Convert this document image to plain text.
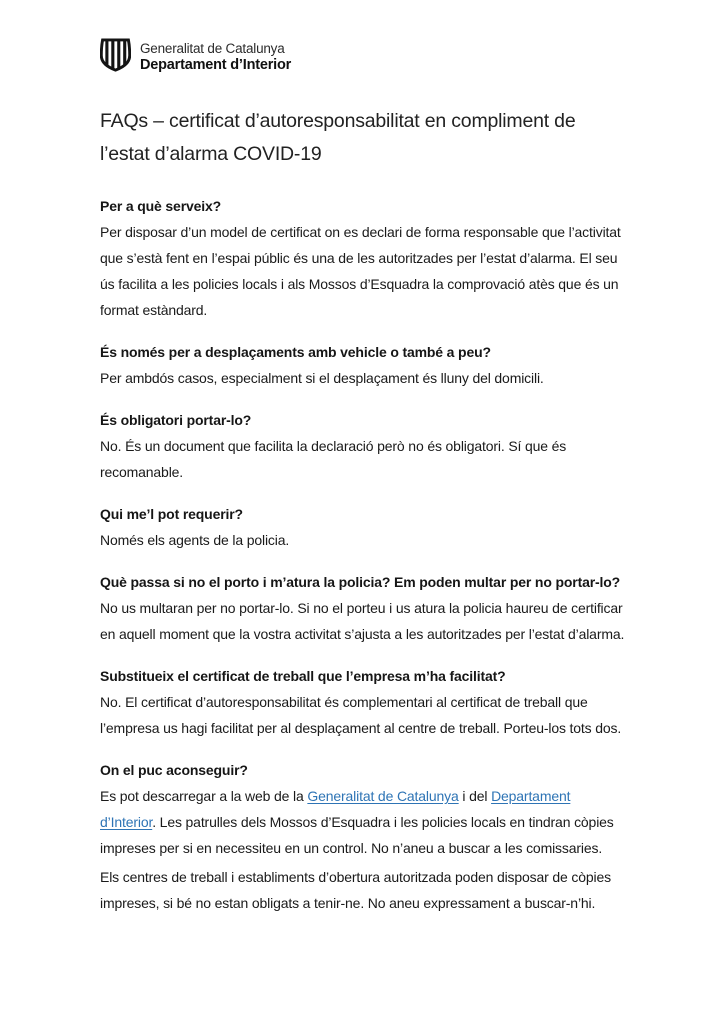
Generalitat de Catalunya
Departament d’Interior
FAQs – certificat d’autoresponsabilitat en compliment de l’estat d’alarma COVID-19
Per a què serveix?

Per disposar d’un model de certificat on es declari de forma responsable que l’activitat que s’està fent en l’espai públic és una de les autoritzades per l’estat d’alarma. El seu ús facilita a les policies locals i als Mossos d’Esquadra la comprovació atès que és un format estàndard.

És només per a desplaçaments amb vehicle o també a peu?

Per ambdós casos, especialment si el desplaçament és lluny del domicili.

És obligatori portar-lo?

No. És un document que facilita la declaració però no és obligatori. Sí que és recomanable.

Qui me’l pot requerir?

Només els agents de la policia.

Què passa si no el porto i m’atura la policia? Em poden multar per no portar-lo?

No us multaran per no portar-lo. Si no el porteu i us atura la policia haureu de certificar en aquell moment que la vostra activitat s’ajusta a les autoritzades per l’estat d’alarma.

Substitueix el certificat de treball que l’empresa m’ha facilitat?

No. El certificat d’autoresponsabilitat és complementari al certificat de treball que l’empresa us hagi facilitat per al desplaçament al centre de treball. Porteu-los tots dos.

On el puc aconseguir?

Es pot descarregar a la web de la Generalitat de Catalunya i del Departament d’Interior. Les patrulles dels Mossos d’Esquadra i les policies locals en tindran còpies impreses per si en necessiteu en un control. No n’aneu a buscar a les comissaries.

Els centres de treball i establiments d’obertura autoritzada poden disposar de còpies impreses, si bé no estan obligats a tenir-ne. No aneu expressament a buscar-n’hi.
